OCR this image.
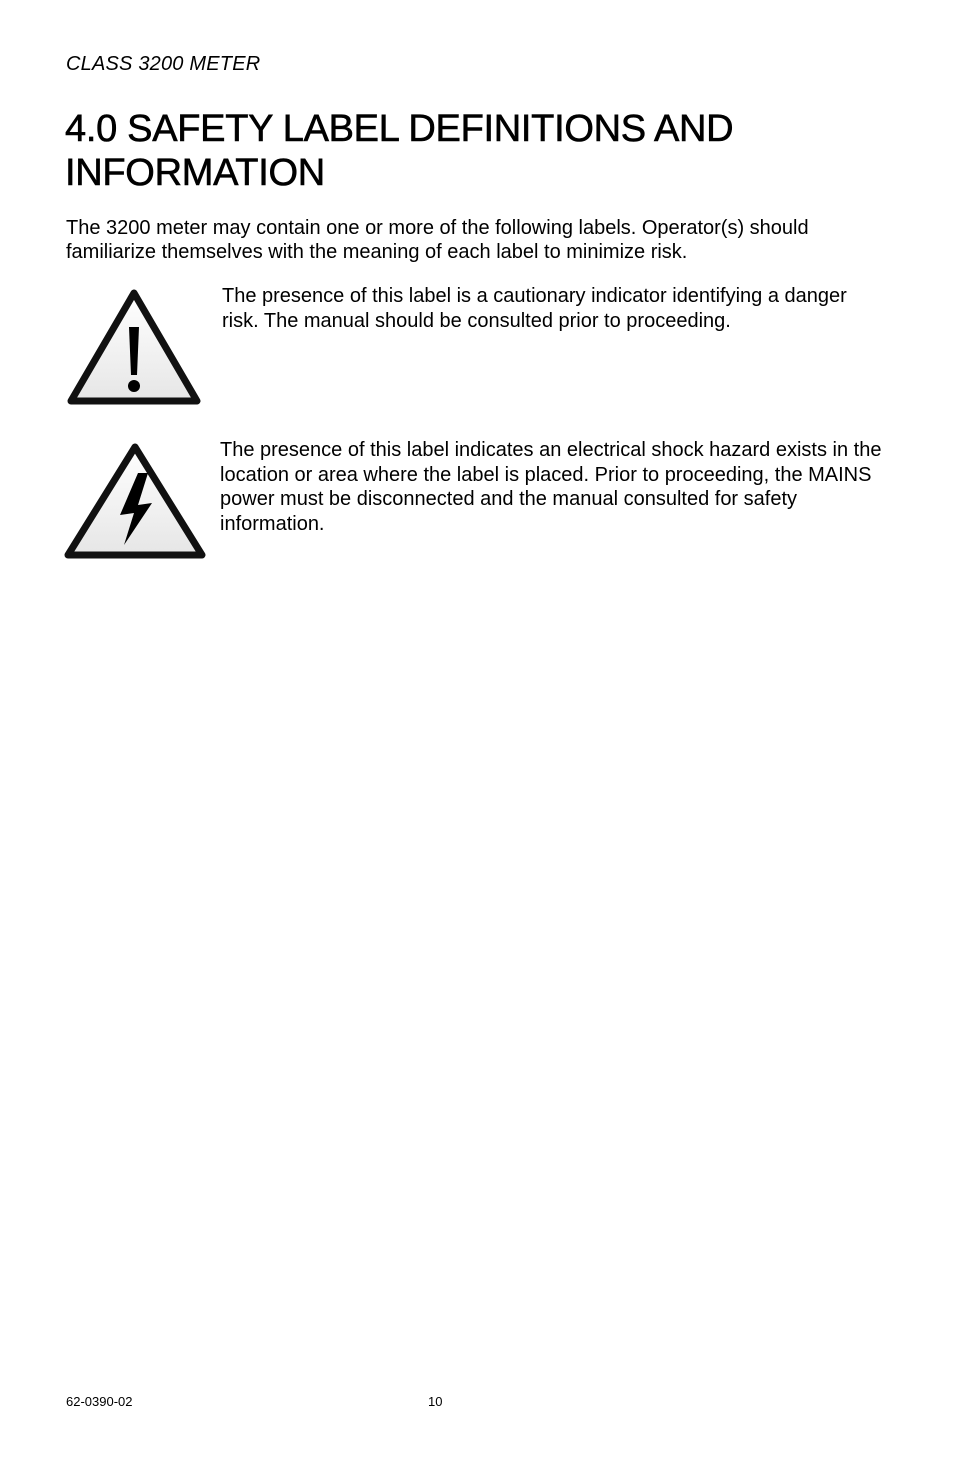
CLASS 3200 METER
4.0 SAFETY LABEL DEFINITIONS AND INFORMATION

The 3200 meter may contain one or more of the following labels. Operator(s) should familiarize themselves with the meaning of each label to minimize risk.

The presence of this label is a cautionary indicator identifying a danger risk. The manual should be consulted prior to proceeding.

The presence of this label indicates an electrical shock hazard exists in the location or area where the label is placed. Prior to proceeding, the MAINS power must be disconnected and the manual consulted for safety information.

62-0390-02	10
